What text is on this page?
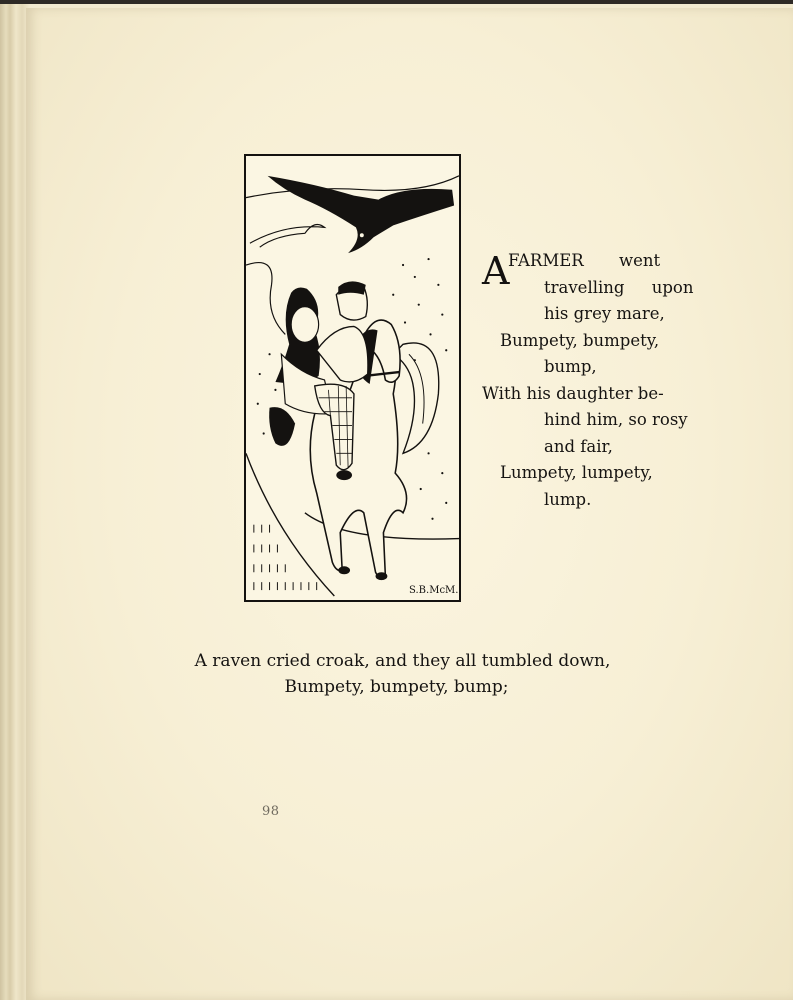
S.B.McM.
A
FARMER went
travelling upon
his grey mare,
Bumpety, bumpety,
bump,
With his daughter be-
hind him, so rosy
and fair,
Lumpety, lumpety,
lump.
A raven cried croak, and they all tumbled down,
Bumpety, bumpety, bump;
98
